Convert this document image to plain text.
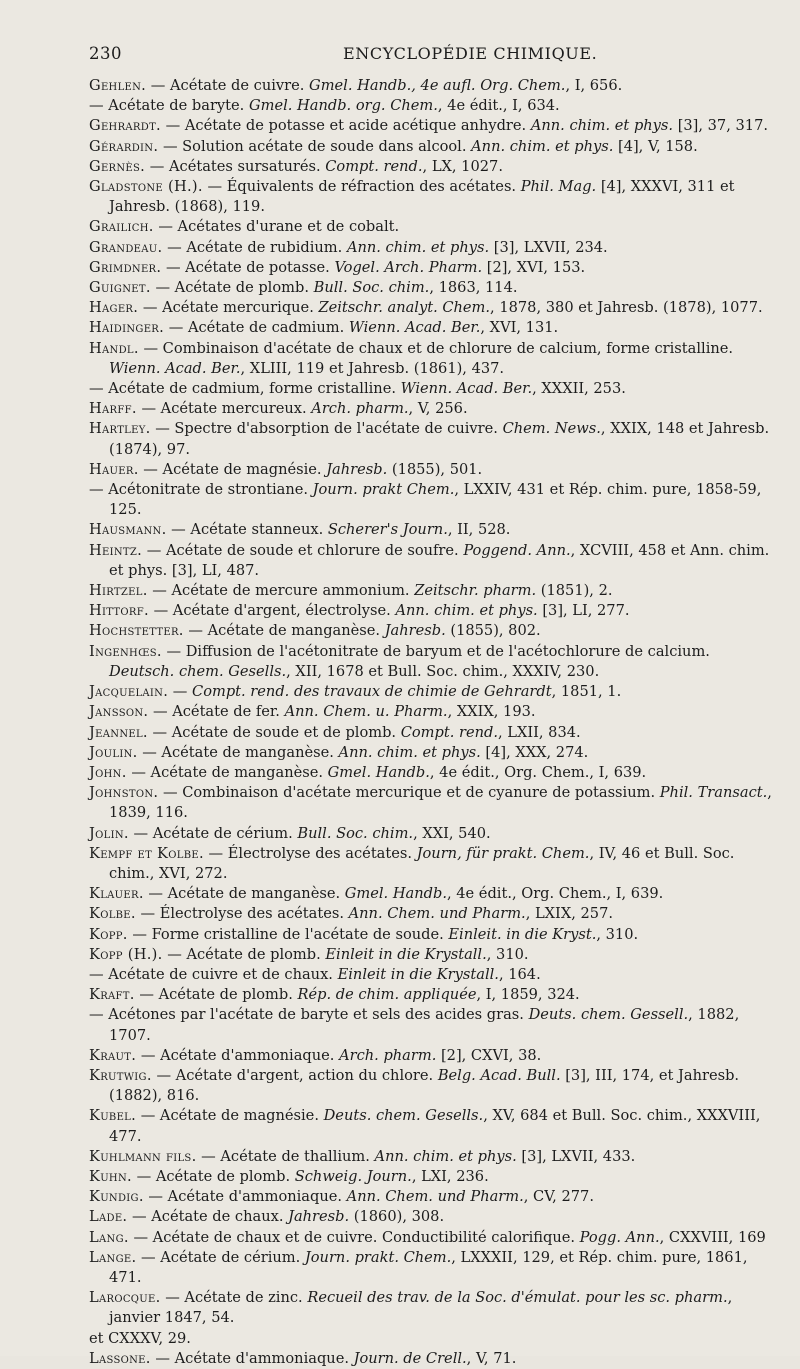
230	ENCYCLOPÉDIE CHIMIQUE.

Gehlen. — Acétate de cuivre. Gmel. Handb., 4e aufl. Org. Chem., I, 656.

— Acétate de baryte. Gmel. Handb. org. Chem., 4e édit., I, 634.

Gehrardt. — Acétate de potasse et acide acétique anhydre. Ann. chim. et phys. [3], 37, 317.

Gérardin. — Solution acétate de soude dans alcool. Ann. chim. et phys. [4], V, 158.

Gernès. — Acétates sursaturés. Compt. rend., LX, 1027.

Gladstone (H.). — Équivalents de réfraction des acétates. Phil. Mag. [4], XXXVI, 311 et Jahresb. (1868), 119.

Grailich. — Acétates d'urane et de cobalt.

Grandeau. — Acétate de rubidium. Ann. chim. et phys. [3], LXVII, 234.

Grimdner. — Acétate de potasse. Vogel. Arch. Pharm. [2], XVI, 153.

Guignet. — Acétate de plomb. Bull. Soc. chim., 1863, 114.

Hager. — Acétate mercurique. Zeitschr. analyt. Chem., 1878, 380 et Jahresb. (1878), 1077.

Haidinger. — Acétate de cadmium. Wienn. Acad. Ber., XVI, 131.

Handl. — Combinaison d'acétate de chaux et de chlorure de calcium, forme cristalline. Wienn. Acad. Ber., XLIII, 119 et Jahresb. (1861), 437.

— Acétate de cadmium, forme cristalline. Wienn. Acad. Ber., XXXII, 253.

Harff. — Acétate mercureux. Arch. pharm., V, 256.

Hartley. — Spectre d'absorption de l'acétate de cuivre. Chem. News., XXIX, 148 et Jahresb. (1874), 97.

Hauer. — Acétate de magnésie. Jahresb. (1855), 501.

— Acétonitrate de strontiane. Journ. prakt Chem., LXXIV, 431 et Rép. chim. pure, 1858-59, 125.

Hausmann. — Acétate stanneux. Scherer's Journ., II, 528.

Heintz. — Acétate de soude et chlorure de soufre. Poggend. Ann., XCVIII, 458 et Ann. chim. et phys. [3], LI, 487.

Hirtzel. — Acétate de mercure ammonium. Zeitschr. pharm. (1851), 2.

Hittorf. — Acétate d'argent, électrolyse. Ann. chim. et phys. [3], LI, 277.

Hochstetter. — Acétate de manganèse. Jahresb. (1855), 802.

Ingenhœs. — Diffusion de l'acétonitrate de baryum et de l'acétochlorure de calcium. Deutsch. chem. Gesells., XII, 1678 et Bull. Soc. chim., XXXIV, 230.

Jacquelain. — Compt. rend. des travaux de chimie de Gehrardt, 1851, 1.

Jansson. — Acétate de fer. Ann. Chem. u. Pharm., XXIX, 193.

Jeannel. — Acétate de soude et de plomb. Compt. rend., LXII, 834.

Joulin. — Acétate de manganèse. Ann. chim. et phys. [4], XXX, 274.

John. — Acétate de manganèse. Gmel. Handb., 4e édit., Org. Chem., I, 639.

Johnston. — Combinaison d'acétate mercurique et de cyanure de potassium. Phil. Transact., 1839, 116.

Jolin. — Acétate de cérium. Bull. Soc. chim., XXI, 540.

Kempf et Kolbe. — Électrolyse des acétates. Journ, für prakt. Chem., IV, 46 et Bull. Soc. chim., XVI, 272.

Klauer. — Acétate de manganèse. Gmel. Handb., 4e édit., Org. Chem., I, 639.

Kolbe. — Électrolyse des acétates. Ann. Chem. und Pharm., LXIX, 257.

Kopp. — Forme cristalline de l'acétate de soude. Einleit. in die Kryst., 310.

Kopp (H.). — Acétate de plomb. Einleit in die Krystall., 310.

— Acétate de cuivre et de chaux. Einleit in die Krystall., 164.

Kraft. — Acétate de plomb. Rép. de chim. appliquée, I, 1859, 324.

— Acétones par l'acétate de baryte et sels des acides gras. Deuts. chem. Gessell., 1882, 1707.

Kraut. — Acétate d'ammoniaque. Arch. pharm. [2], CXVI, 38.

Krutwig. — Acétate d'argent, action du chlore. Belg. Acad. Bull. [3], III, 174, et Jahresb. (1882), 816.

Kubel. — Acétate de magnésie. Deuts. chem. Gesells., XV, 684 et Bull. Soc. chim., XXXVIII, 477.

Kuhlmann fils. — Acétate de thallium. Ann. chim. et phys. [3], LXVII, 433.

Kuhn. — Acétate de plomb. Schweig. Journ., LXI, 236.

Kundig. — Acétate d'ammoniaque. Ann. Chem. und Pharm., CV, 277.

Lade. — Acétate de chaux. Jahresb. (1860), 308.

Lang. — Acétate de chaux et de cuivre. Conductibilité calorifique. Pogg. Ann., CXXVIII, 169

Lange. — Acétate de cérium. Journ. prakt. Chem., LXXXII, 129, et Rép. chim. pure, 1861, 471.

Larocque. — Acétate de zinc. Recueil des trav. de la Soc. d'émulat. pour les sc. pharm., janvier 1847, 54.

et CXXXV, 29.

Lassone. — Acétate d'ammoniaque. Journ. de Crell., V, 71.
